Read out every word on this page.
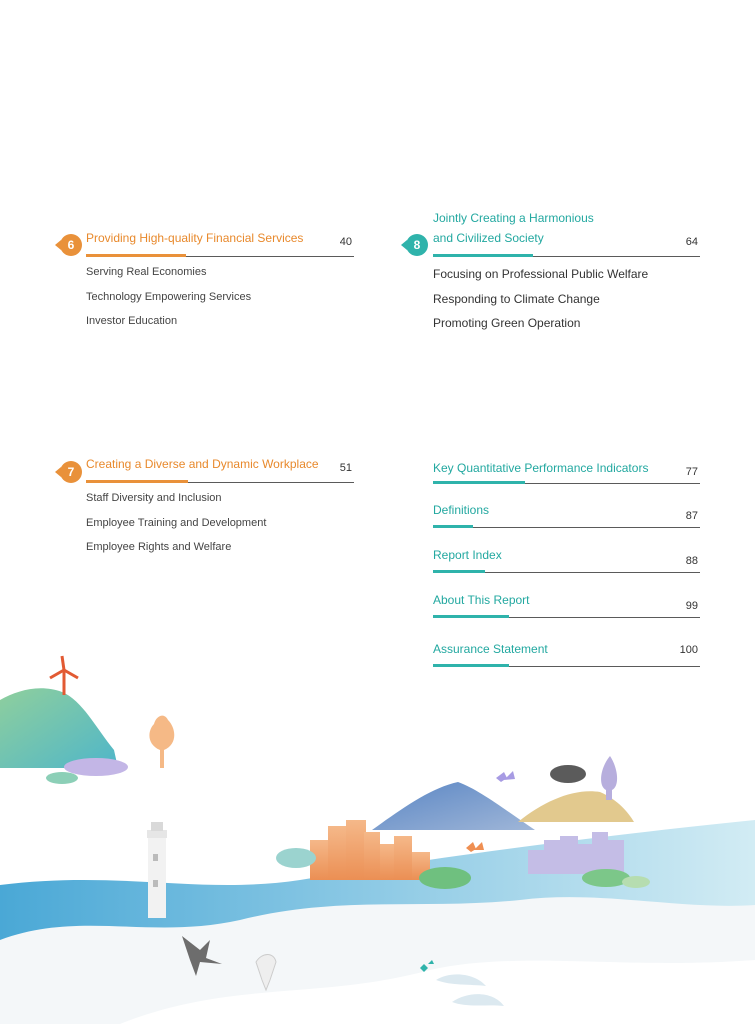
Providing High-quality Financial Services	40
Serving Real Economies
Technology Empowering Services
Investor Education
6
Jointly Creating a Harmonious
and Civilized Society	64
Focusing on Professional Public Welfare
Responding to Climate Change
Promoting Green Operation
8
Creating a Diverse and Dynamic Workplace 51
Staff Diversity and Inclusion
Employee Training and Development
Employee Rights and Welfare
7	Key Quantitative Performance Indicators	77
Definitions	87
Report Index	88
About This Report	99
Assurance Statement	100
